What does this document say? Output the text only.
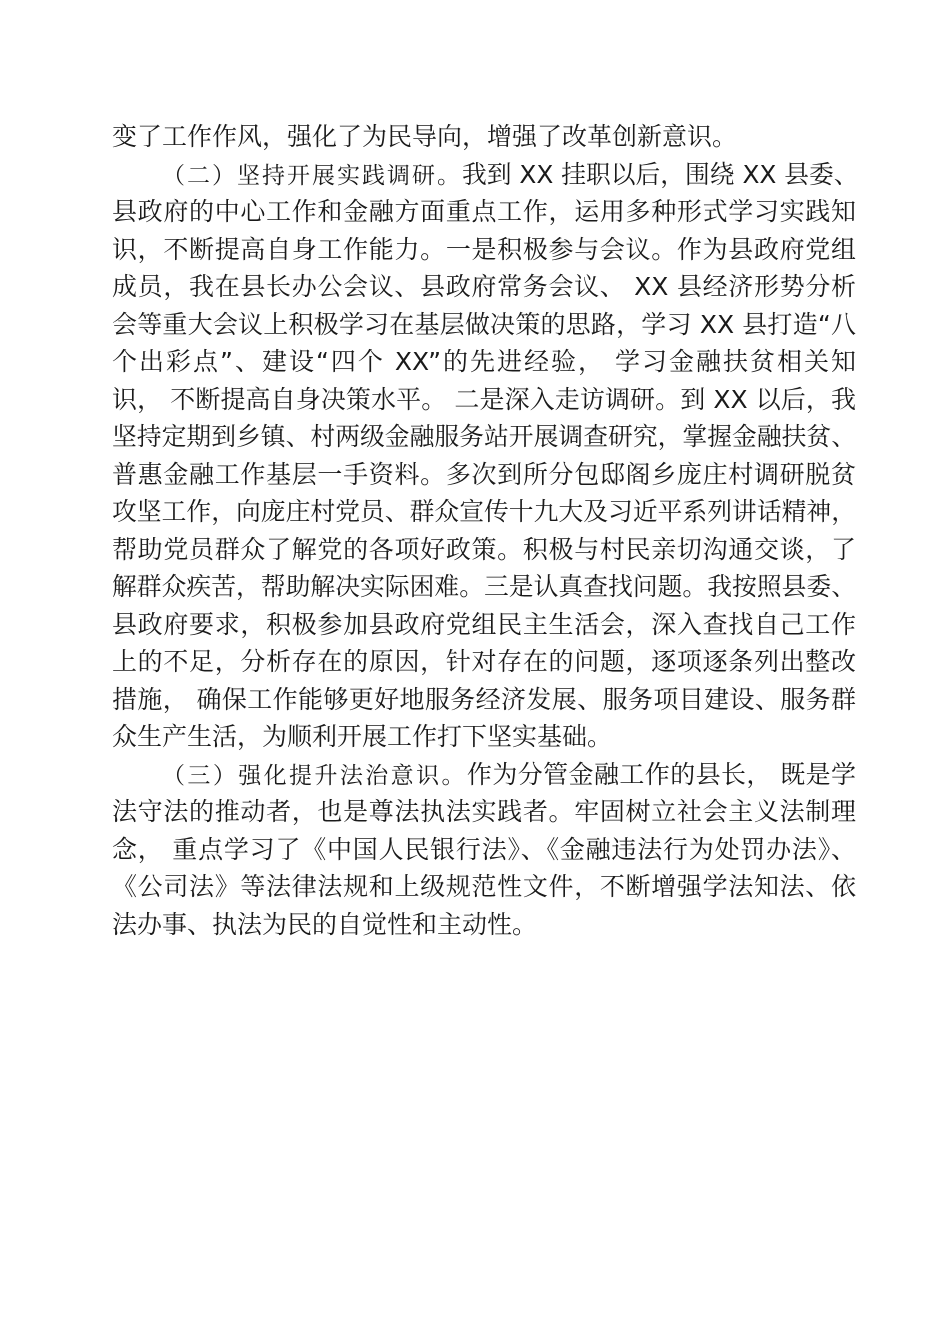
变了工作作风，强化了为民导向，增强了改革创新意识。
（二）坚持开展实践调研。我到 XX 挂职以后，围绕 XX 县委、
县政府的中心工作和金融方面重点工作，运用多种形式学习实践知
识，不断提高自身工作能力。一是积极参与会议。作为县政府党组
成员，我在县长办公会议、县政府常务会议、 XX 县经济形势分析
会等重大会议上积极学习在基层做决策的思路，学习 XX 县打造“八
个出彩点”、建设“四个 XX”的先进经验， 学习金融扶贫相关知
识， 不断提高自身决策水平。 二是深入走访调研。到 XX 以后，我
坚持定期到乡镇、村两级金融服务站开展调查研究，掌握金融扶贫、
普惠金融工作基层一手资料。多次到所分包邸阁乡庞庄村调研脱贫
攻坚工作，向庞庄村党员、群众宣传十九大及习近平系列讲话精神，
帮助党员群众了解党的各项好政策。积极与村民亲切沟通交谈，了
解群众疾苦，帮助解决实际困难。三是认真查找问题。我按照县委、
县政府要求，积极参加县政府党组民主生活会，深入查找自己工作
上的不足，分析存在的原因，针对存在的问题，逐项逐条列出整改
措施， 确保工作能够更好地服务经济发展、服务项目建设、服务群
众生产生活，为顺利开展工作打下坚实基础。
（三）强化提升法治意识。作为分管金融工作的县长， 既是学
法守法的推动者，也是尊法执法实践者。牢固树立社会主义法制理
念， 重点学习了《中国人民银行法》、《金融违法行为处罚办法》、
《公司法》等法律法规和上级规范性文件，不断增强学法知法、依
法办事、执法为民的自觉性和主动性。
